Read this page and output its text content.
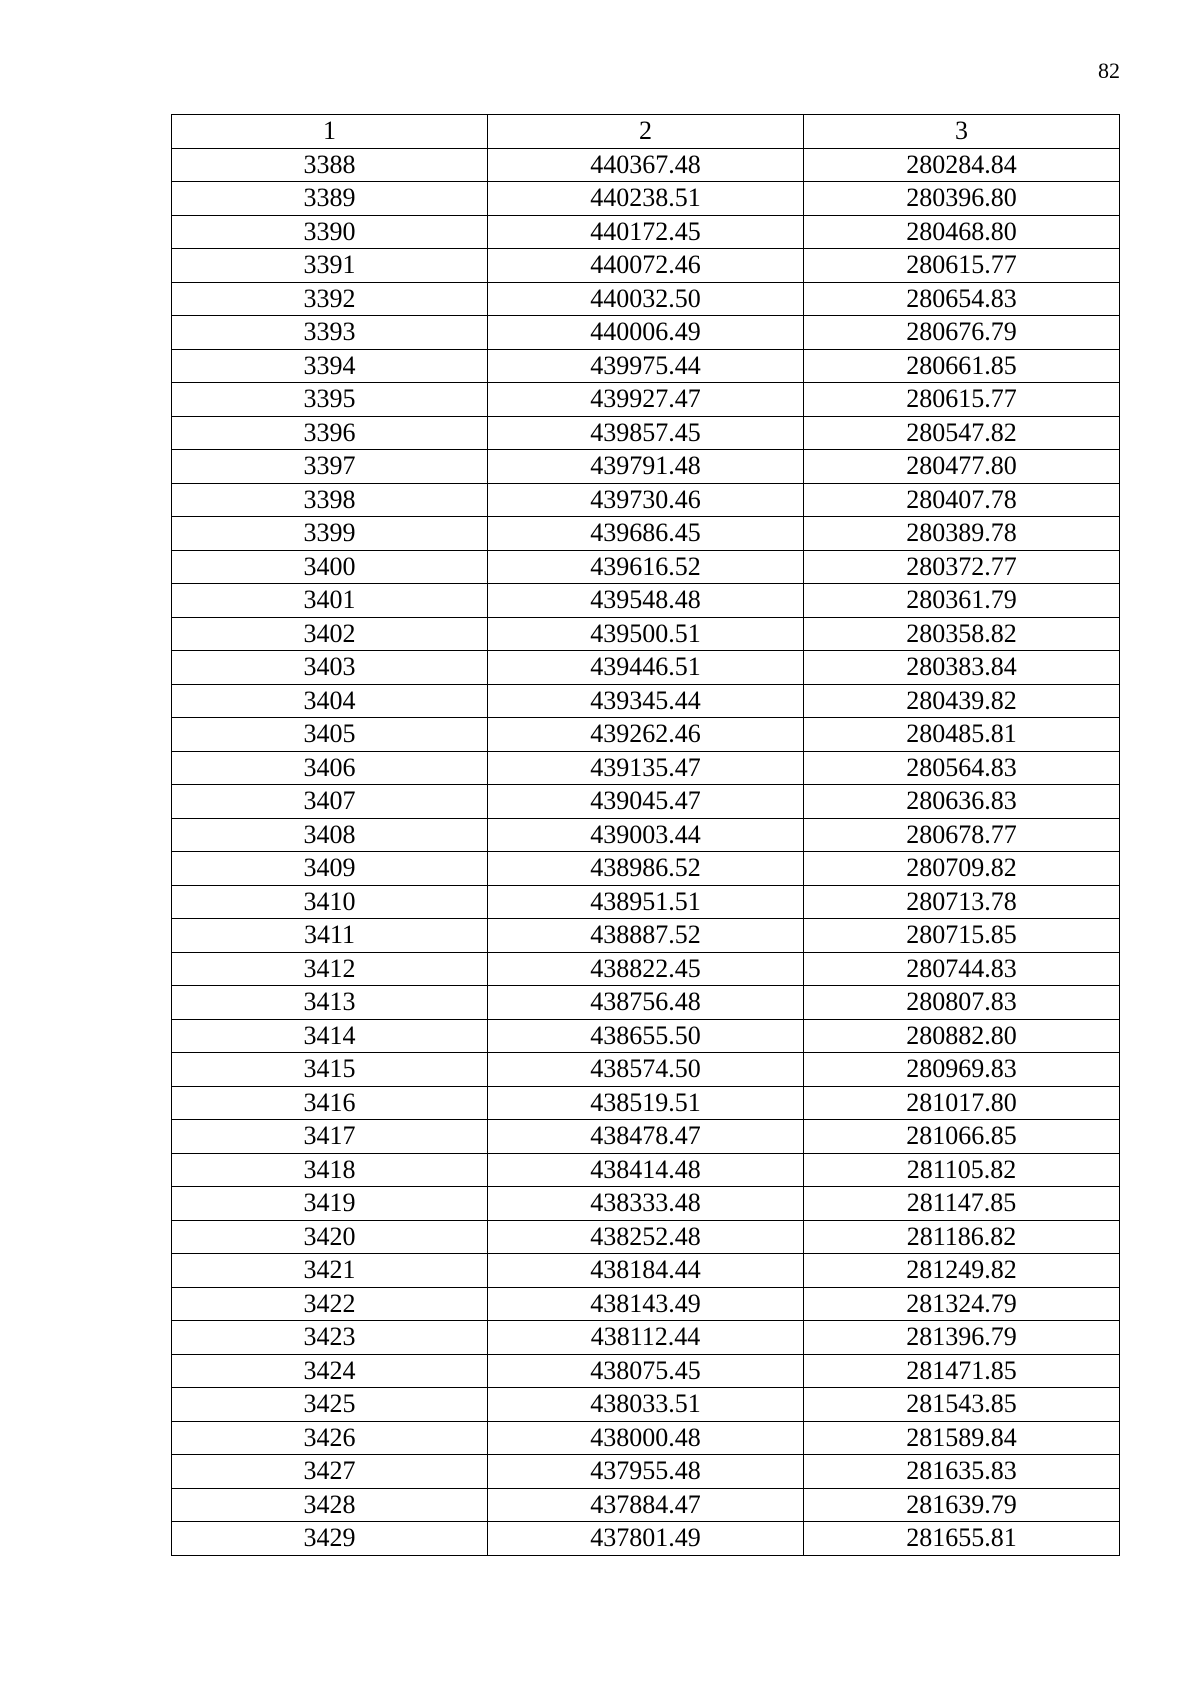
82
1	2	3
3388	440367.48	280284.84
3389	440238.51	280396.80
3390	440172.45	280468.80
3391	440072.46	280615.77
3392	440032.50	280654.83
3393	440006.49	280676.79
3394	439975.44	280661.85
3395	439927.47	280615.77
3396	439857.45	280547.82
3397	439791.48	280477.80
3398	439730.46	280407.78
3399	439686.45	280389.78
3400	439616.52	280372.77
3401	439548.48	280361.79
3402	439500.51	280358.82
3403	439446.51	280383.84
3404	439345.44	280439.82
3405	439262.46	280485.81
3406	439135.47	280564.83
3407	439045.47	280636.83
3408	439003.44	280678.77
3409	438986.52	280709.82
3410	438951.51	280713.78
3411	438887.52	280715.85
3412	438822.45	280744.83
3413	438756.48	280807.83
3414	438655.50	280882.80
3415	438574.50	280969.83
3416	438519.51	281017.80
3417	438478.47	281066.85
3418	438414.48	281105.82
3419	438333.48	281147.85
3420	438252.48	281186.82
3421	438184.44	281249.82
3422	438143.49	281324.79
3423	438112.44	281396.79
3424	438075.45	281471.85
3425	438033.51	281543.85
3426	438000.48	281589.84
3427	437955.48	281635.83
3428	437884.47	281639.79
3429	437801.49	281655.81
